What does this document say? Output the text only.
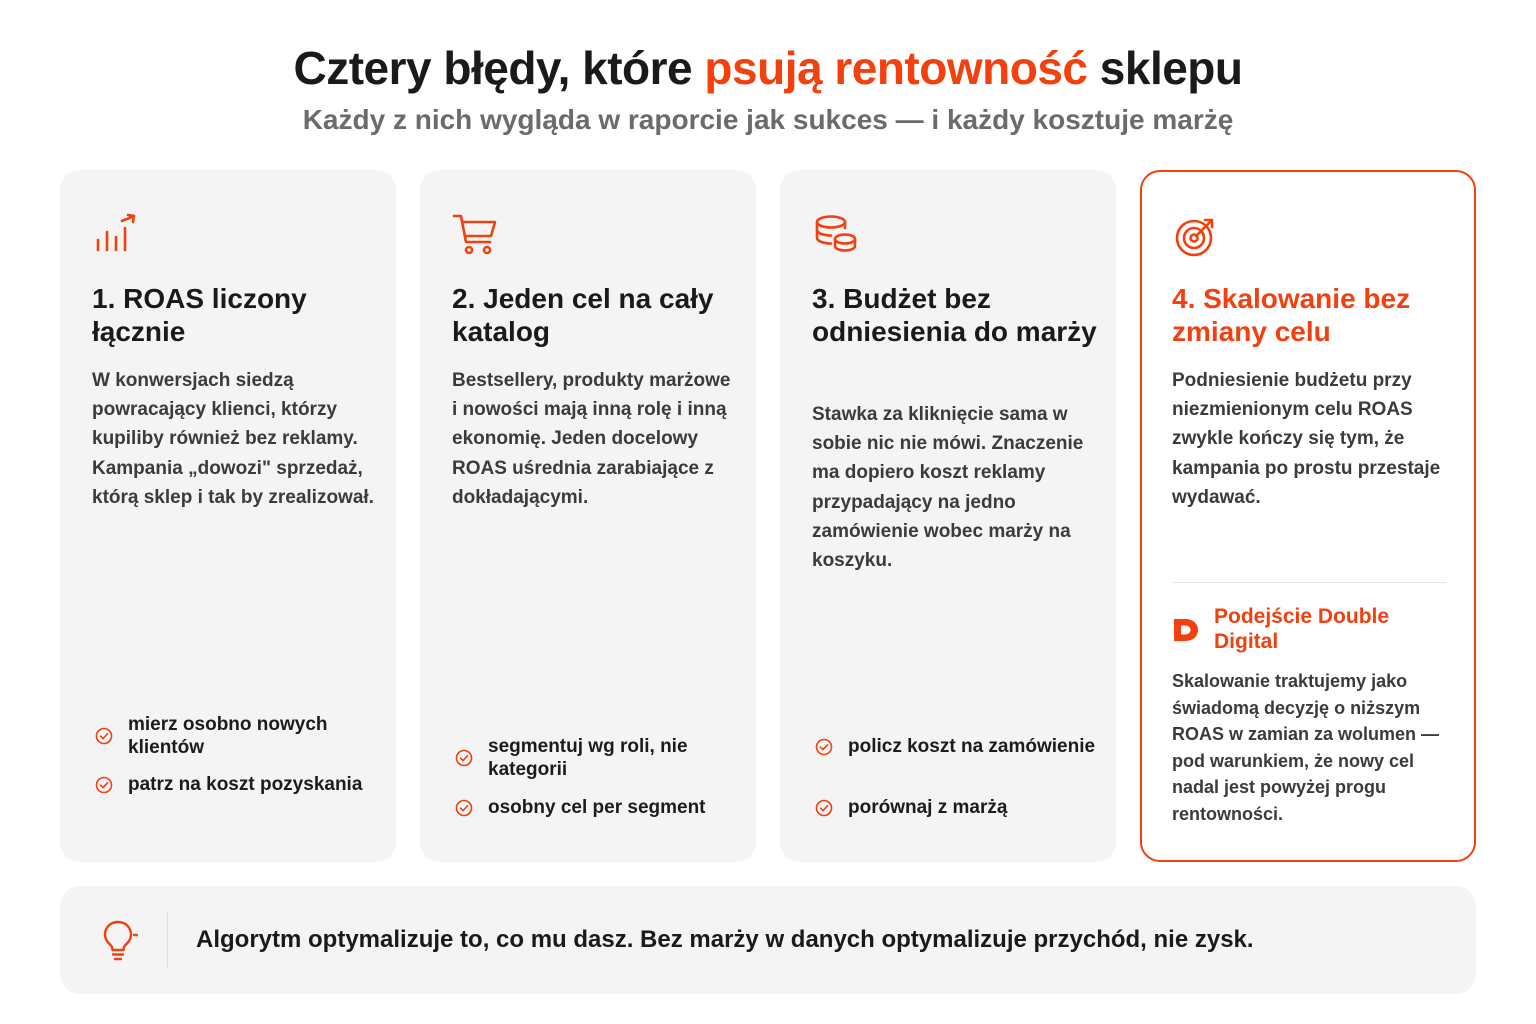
Cztery błędy, które psują rentowność sklepu
Każdy z nich wygląda w raporcie jak sukces — i każdy kosztuje marżę
1. ROAS liczony łącznie
W konwersjach siedzą powracający klienci, którzy kupiliby również bez reklamy. Kampania „dowozi" sprzedaż, którą sklep i tak by zrealizował.
mierz osobno nowych klientów
patrz na koszt pozyskania
2. Jeden cel na cały katalog
Bestsellery, produkty marżowe i nowości mają inną rolę i inną ekonomię. Jeden docelowy ROAS uśrednia zarabiające z dokładającymi.
segmentuj wg roli, nie kategorii
osobny cel per segment
3. Budżet bez odniesienia do marży
Stawka za kliknięcie sama w sobie nic nie mówi. Znaczenie ma dopiero koszt reklamy przypadający na jedno zamówienie wobec marży na koszyku.
policz koszt na zamówienie
porównaj z marżą
4. Skalowanie bez zmiany celu
Podniesienie budżetu przy niezmienionym celu ROAS zwykle kończy się tym, że kampania po prostu przestaje wydawać.
Podejście Double Digital
Skalowanie traktujemy jako świadomą decyzję o niższym ROAS w zamian za wolumen — pod warunkiem, że nowy cel nadal jest powyżej progu rentowności.
Algorytm optymalizuje to, co mu dasz. Bez marży w danych optymalizuje przychód, nie zysk.
